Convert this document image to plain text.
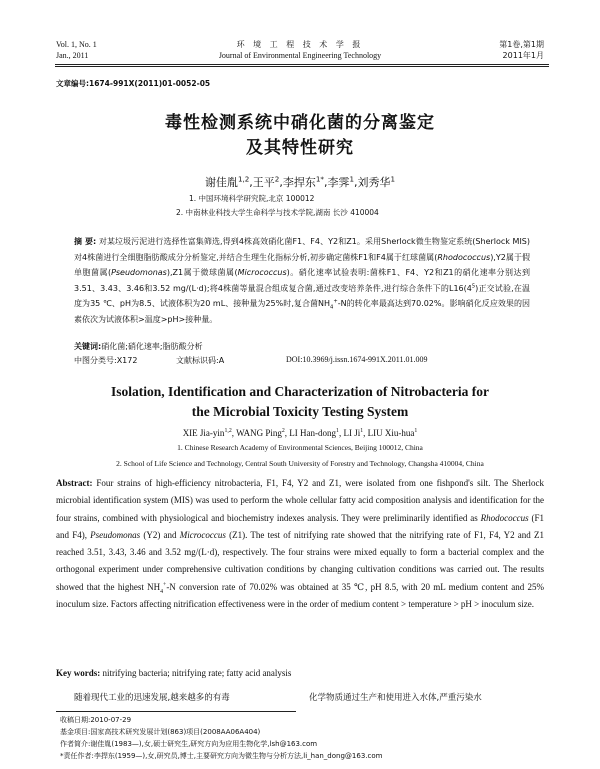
Vol. 1, No. 1
Jan., 2011
环 境 工 程 技 术 学 报
Journal of Environmental Engineering Technology
第1卷,第1期
2011年1月
文章编号:1674-991X(2011)01-0052-05
毒性检测系统中硝化菌的分离鉴定
及其特性研究
谢佳胤$^{1,2}$,王平$^2$,李捍东$^{1*}$,李霁$^1$,刘秀华$^1$
1. 中国环境科学研究院,北京 100012
2. 中南林业科技大学生命科学与技术学院,湖南 长沙 410004
摘 要: 对某垃圾污泥进行选择性富集筛选,得到4株高效硝化菌F1、F4、Y2和Z1。采用Sherlock微生物鉴定系统(Sherlock MIS)对4株菌进行全细胞脂肪酸成分分析鉴定,并结合生理生化指标分析,初步确定菌株F1和F4属于红球菌属(Rhodococcus),Y2属于假单胞菌属(Pseudomonas),Z1属于微球菌属(Micrococcus)。硝化速率试验表明:菌株F1、F4、Y2和Z1的硝化速率分别达到3.51、3.43、3.46和3.52 mg/(L·d);将4株菌等量混合组成复合菌,通过改变培养条件,进行综合条件下的$L16(4^5)$正交试验,在温度为35 ℃、pH为8.5、试液体积为20 mL、接种量为25%时,复合菌$NH_4^+-N$的转化率最高达到70.02%。影响硝化反应效果的因素依次为试液体积>温度>pH>接种量。
关键词:硝化菌;硝化速率;脂肪酸分析
中图分类号:X172	文献标识码:A	DOI:10.3969/j.issn.1674-991X.2011.01.009
Isolation, Identification and Characterization of Nitrobacteria for
the Microbial Toxicity Testing System
XIE Jia-yin$^{1,2}$, WANG Ping$^2$, LI Han-dong$^1$, LI Ji$^1$, LIU Xiu-hua$^1$
1. Chinese Research Academy of Environmental Sciences, Beijing 100012, China
2. School of Life Science and Technology, Central South University of Forestry and Technology, Changsha 410004, China
Abstract: Four strains of high-efficiency nitrobacteria, F1, F4, Y2 and Z1, were isolated from one fishpond's silt. The Sherlock microbial identification system (MIS) was used to perform the whole cellular fatty acid composition analysis and identification for the four strains, combined with physiological and biochemistry indexes analysis. They were preliminarily identified as Rhodococcus (F1 and F4), Pseudomonas (Y2) and Micrococcus (Z1). The test of nitrifying rate showed that the nitrifying rate of F1, F4, Y2 and Z1 reached 3.51, 3.43, 3.46 and 3.52 mg/(L·d), respectively. The four strains were mixed equally to form a bacterial complex and the orthogonal experiment under comprehensive cultivation conditions by changing cultivation conditions was carried out. The results showed that the highest $NH_4^+-N$ conversion rate of 70.02% was obtained at 35 ℃, pH 8.5, with 20 mL medium content and 25% inoculum size. Factors affecting nitrification effectiveness were in the order of medium content > temperature > pH > inoculum size.
Key words: nitrifying bacteria; nitrifying rate; fatty acid analysis
随着现代工业的迅速发展,越来越多的有毒	化学物质通过生产和使用进入水体,严重污染水
收稿日期:2010-07-29
基金项目:国家高技术研究发展计划(863)项目(2008AA06A404)
作者简介:谢佳胤(1983—),女,硕士研究生,研究方向为应用生物化学,lsh@163.com
*责任作者:李捍东(1959—),女,研究员,博士,主要研究方向为微生物与分析方法,li_han_dong@163.com
